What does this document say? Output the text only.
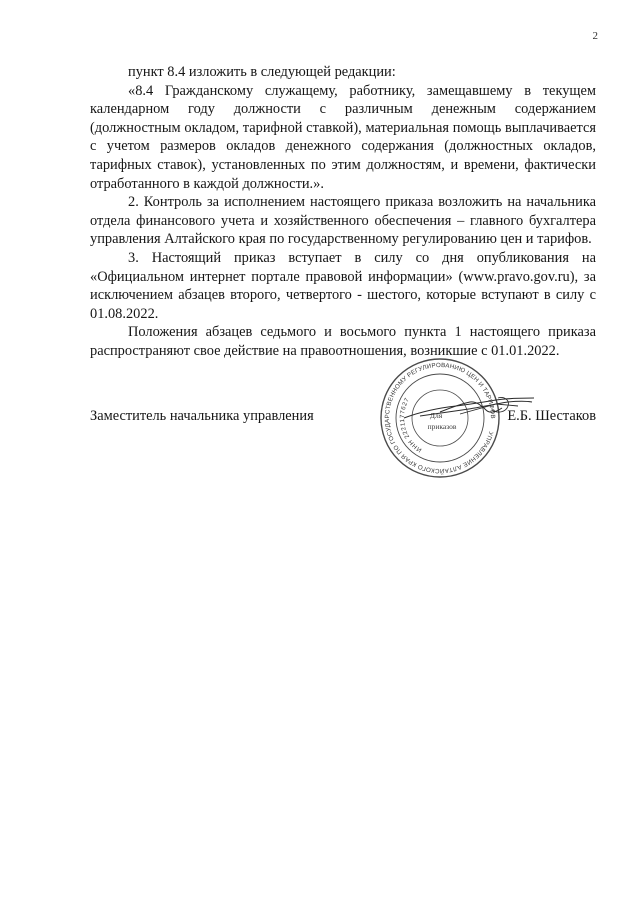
2

пункт 8.4 изложить в следующей редакции:

«8.4 Гражданскому служащему, работнику, замещавшему в текущем календарном году должности с различным денежным содержанием (должностным окладом, тарифной ставкой), материальная помощь выплачивается с учетом размеров окладов денежного содержания (должностных окладов, тарифных ставок), установленных по этим должностям, и времени, фактически отработанного в каждой должности.».

2. Контроль за исполнением настоящего приказа возложить на начальника отдела финансового учета и хозяйственного обеспечения – главного бухгалтера управления Алтайского края по государственному регулированию цен и тарифов.

3. Настоящий приказ вступает в силу со дня опубликования на «Официальном интернет портале правовой информации» (www.pravo.gov.ru), за исключением абзацев второго, четвертого - шестого, которые вступают в силу с 01.08.2022.

Положения абзацев седьмого и восьмого пункта 1 настоящего приказа распространяют свое действие на правоотношения, возникшие с 01.01.2022.

Заместитель начальника управления	Е.Б. Шестаков
УПРАВЛЕНИЕ АЛТАЙСКОГО КРАЯ ПО ГОСУДАРСТВЕННОМУ РЕГУЛИРОВАНИЮ ЦЕН И ТАРИФОВ
ИНН 2221177627
Для
приказов
